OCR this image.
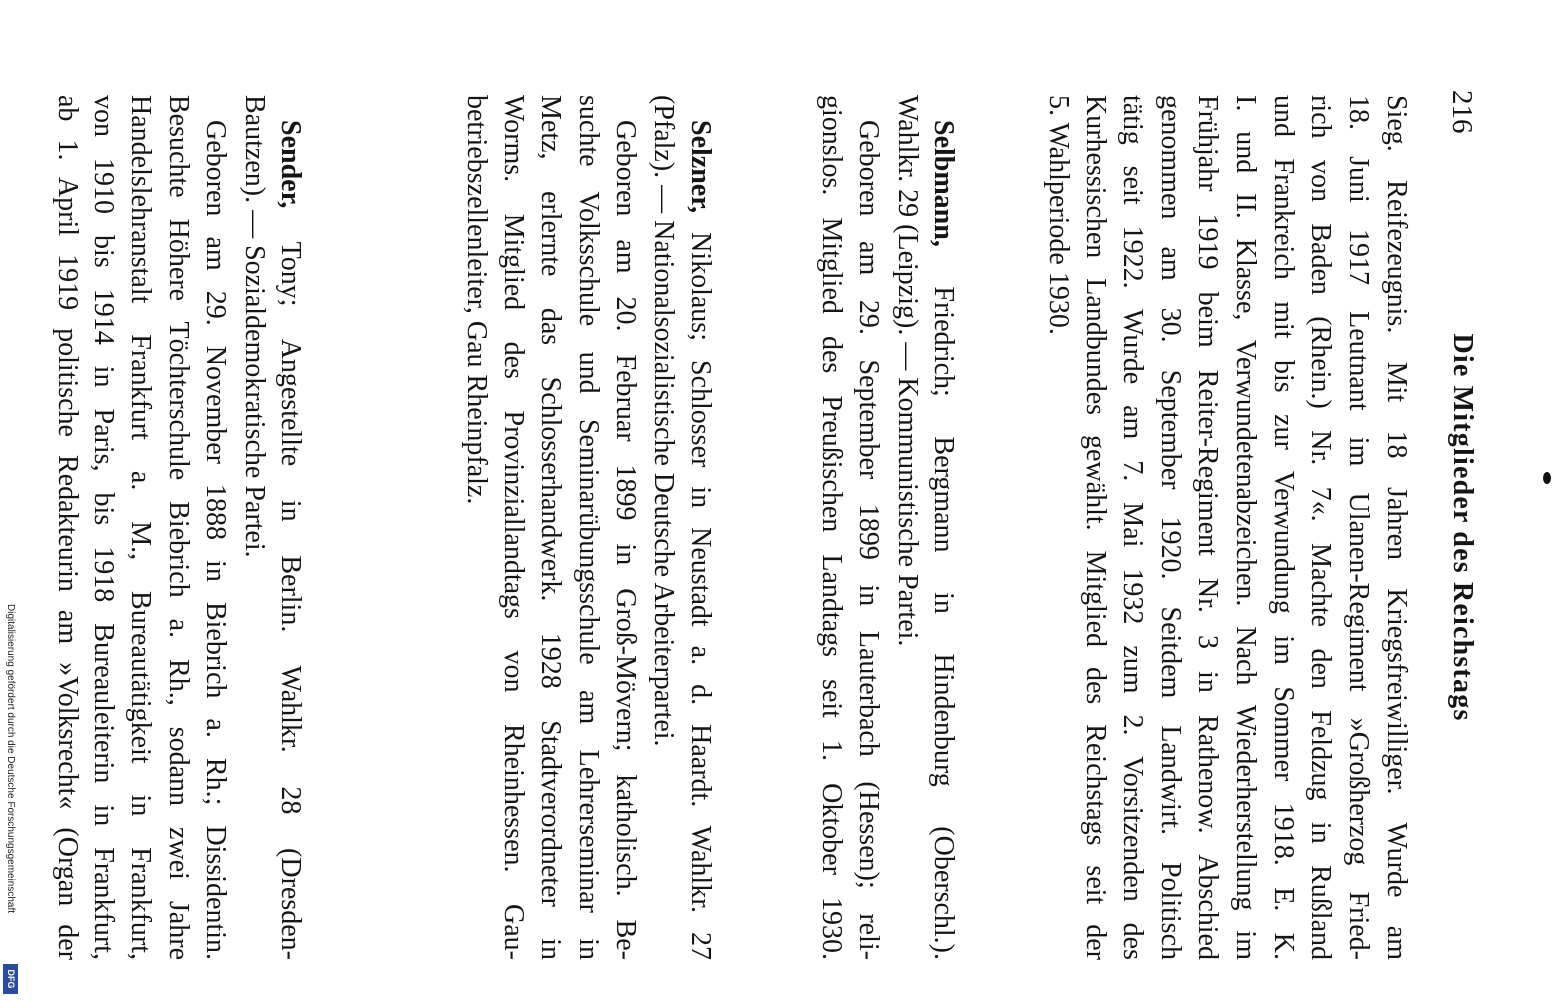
216
Die Mitglieder des Reichstags
Sieg. Reifezeugnis. Mit 18 Jahren Kriegsfreiwilliger. Wurde am
18. Juni 1917 Leutnant im Ulanen-Regiment »Großherzog Fried-
rich von Baden (Rhein.) Nr. 7«. Machte den Feldzug in Rußland
und Frankreich mit bis zur Verwundung im Sommer 1918. E. K.
I. und II. Klasse, Verwundetenabzeichen. Nach Wiederherstellung im
Frühjahr 1919 beim Reiter-Regiment Nr. 3 in Rathenow. Abschied
genommen am 30. September 1920. Seitdem Landwirt. Politisch
tätig seit 1922. Wurde am 7. Mai 1932 zum 2. Vorsitzenden des
Kurhessischen Landbundes gewählt. Mitglied des Reichstags seit der
5. Wahlperiode 1930.
Selbmann, Friedrich; Bergmann in Hindenburg (Oberschl.).
Wahlkr. 29 (Leipzig). — Kommunistische Partei.
Geboren am 29. September 1899 in Lauterbach (Hessen); reli-
gionslos. Mitglied des Preußischen Landtags seit 1. Oktober 1930.
Selzner, Nikolaus; Schlosser in Neustadt a. d. Haardt. Wahlkr. 27
(Pfalz). — Nationalsozialistische Deutsche Arbeiterpartei.
Geboren am 20. Februar 1899 in Groß-Mövern; katholisch. Be-
suchte Volksschule und Seminarübungsschule am Lehrerseminar in
Metz, erlernte das Schlosserhandwerk. 1928 Stadtverordneter in
Worms. Mitglied des Provinziallandtags von Rheinhessen. Gau-
betriebszellenleiter, Gau Rheinpfalz.
Sender, Tony; Angestellte in Berlin. Wahlkr. 28 (Dresden-
Bautzen). — Sozialdemokratische Partei.
Geboren am 29. November 1888 in Biebrich a. Rh.; Dissidentin.
Besuchte Höhere Töchterschule Biebrich a. Rh., sodann zwei Jahre
Handelslehranstalt Frankfurt a. M., Bureautätigkeit in Frankfurt,
von 1910 bis 1914 in Paris, bis 1918 Bureauleiterin in Frankfurt,
ab 1. April 1919 politische Redakteurin am »Volksrecht« (Organ der
Digitalisierung gefördert durch die Deutsche Forschungsgemeinschaft
DFG
